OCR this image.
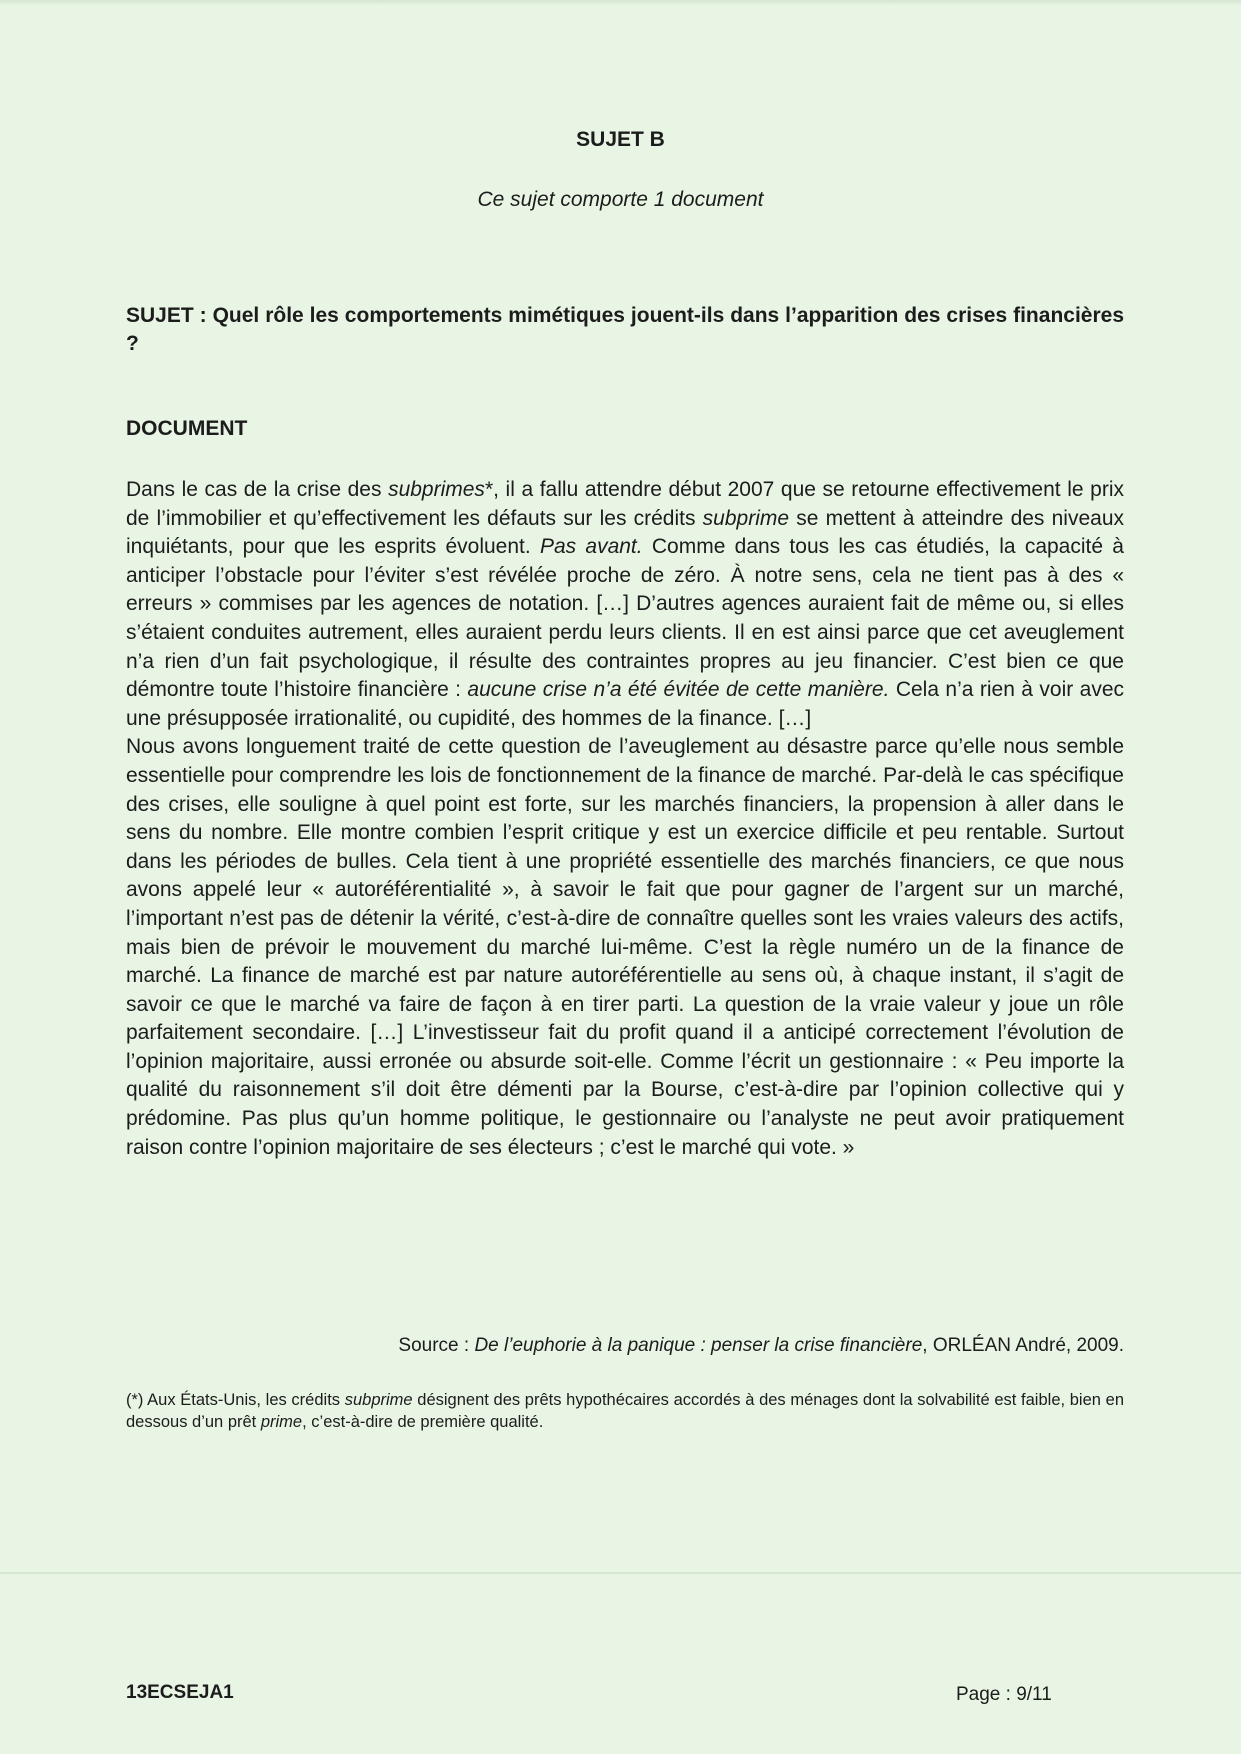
SUJET B
Ce sujet comporte 1 document
SUJET : Quel rôle les comportements mimétiques jouent-ils dans l’apparition des crises financières ?
DOCUMENT

Dans le cas de la crise des subprimes*, il a fallu attendre début 2007 que se retourne effectivement le prix de l’immobilier et qu’effectivement les défauts sur les crédits subprime se mettent à atteindre des niveaux inquiétants, pour que les esprits évoluent. Pas avant. Comme dans tous les cas étudiés, la capacité à anticiper l’obstacle pour l’éviter s’est révélée proche de zéro. À notre sens, cela ne tient pas à des « erreurs » commises par les agences de notation. […] D’autres agences auraient fait de même ou, si elles s’étaient conduites autrement, elles auraient perdu leurs clients. Il en est ainsi parce que cet aveuglement n’a rien d’un fait psychologique, il résulte des contraintes propres au jeu financier. C’est bien ce que démontre toute l’histoire financière : aucune crise n’a été évitée de cette manière. Cela n’a rien à voir avec une présupposée irrationalité, ou cupidité, des hommes de la finance. […]

Nous avons longuement traité de cette question de l’aveuglement au désastre parce qu’elle nous semble essentielle pour comprendre les lois de fonctionnement de la finance de marché. Par-delà le cas spécifique des crises, elle souligne à quel point est forte, sur les marchés financiers, la propension à aller dans le sens du nombre. Elle montre combien l’esprit critique y est un exercice difficile et peu rentable. Surtout dans les périodes de bulles. Cela tient à une propriété essentielle des marchés financiers, ce que nous avons appelé leur « autoréférentialité », à savoir le fait que pour gagner de l’argent sur un marché, l’important n’est pas de détenir la vérité, c’est-à-dire de connaître quelles sont les vraies valeurs des actifs, mais bien de prévoir le mouvement du marché lui-même. C’est la règle numéro un de la finance de marché. La finance de marché est par nature autoréférentielle au sens où, à chaque instant, il s’agit de savoir ce que le marché va faire de façon à en tirer parti. La question de la vraie valeur y joue un rôle parfaitement secondaire. […] L’investisseur fait du profit quand il a anticipé correctement l’évolution de l’opinion majoritaire, aussi erronée ou absurde soit-elle. Comme l’écrit un gestionnaire : « Peu importe la qualité du raisonnement s’il doit être démenti par la Bourse, c’est-à-dire par l’opinion collective qui y prédomine. Pas plus qu’un homme politique, le gestionnaire ou l’analyste ne peut avoir pratiquement raison contre l’opinion majoritaire de ses électeurs ; c’est le marché qui vote. »

Source : De l’euphorie à la panique : penser la crise financière, ORLÉAN André, 2009.
(*) Aux États-Unis, les crédits subprime désignent des prêts hypothécaires accordés à des ménages dont la solvabilité est faible, bien en dessous d’un prêt prime, c’est-à-dire de première qualité.
13ECSEJA1	Page : 9/11
